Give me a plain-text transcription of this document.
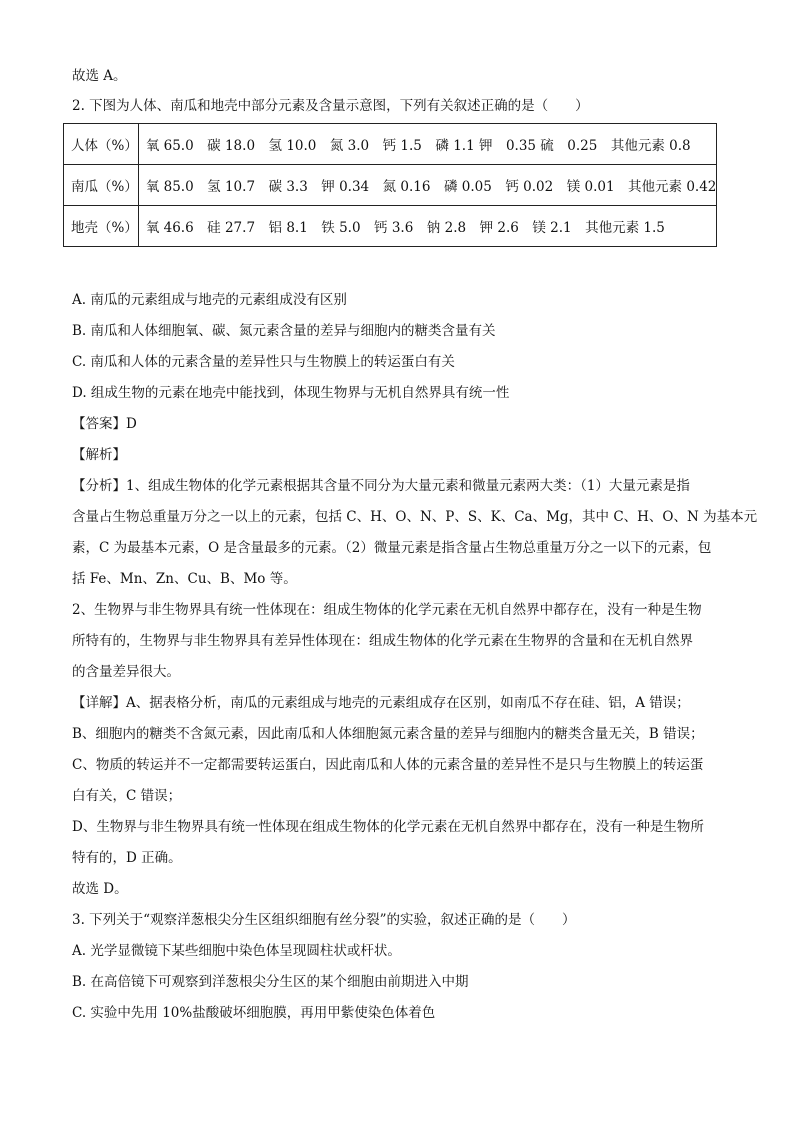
故选 A。
2. 下图为人体、南瓜和地壳中部分元素及含量示意图，下列有关叙述正确的是（　　）
人体（%）	氧 65.0　碳 18.0　氢 10.0　氮 3.0　钙 1.5　磷 1.1 钾　0.35 硫　0.25　其他元素 0.8
南瓜（%）	氧 85.0　氢 10.7　碳 3.3　钾 0.34　氮 0.16　磷 0.05　钙 0.02　镁 0.01　其他元素 0.42
地壳（%）	氧 46.6　硅 27.7　铝 8.1　铁 5.0　钙 3.6　钠 2.8　钾 2.6　镁 2.1　其他元素 1.5
A. 南瓜的元素组成与地壳的元素组成没有区别
B. 南瓜和人体细胞氧、碳、氮元素含量的差异与细胞内的糖类含量有关
C. 南瓜和人体的元素含量的差异性只与生物膜上的转运蛋白有关
D. 组成生物的元素在地壳中能找到，体现生物界与无机自然界具有统一性
【答案】D
【解析】
【分析】1、组成生物体的化学元素根据其含量不同分为大量元素和微量元素两大类：（1）大量元素是指
含量占生物总重量万分之一以上的元素，包括 C、H、O、N、P、S、K、Ca、Mg，其中 C、H、O、N 为基本元
素，C 为最基本元素，O 是含量最多的元素。（2）微量元素是指含量占生物总重量万分之一以下的元素，包
括 Fe、Mn、Zn、Cu、B、Mo 等。
2、生物界与非生物界具有统一性体现在：组成生物体的化学元素在无机自然界中都存在，没有一种是生物
所特有的，生物界与非生物界具有差异性体现在：组成生物体的化学元素在生物界的含量和在无机自然界
的含量差异很大。
【详解】A、据表格分析，南瓜的元素组成与地壳的元素组成存在区别，如南瓜不存在硅、铝，A 错误；
B、细胞内的糖类不含氮元素，因此南瓜和人体细胞氮元素含量的差异与细胞内的糖类含量无关，B 错误；
C、物质的转运并不一定都需要转运蛋白，因此南瓜和人体的元素含量的差异性不是只与生物膜上的转运蛋
白有关，C 错误；
D、生物界与非生物界具有统一性体现在组成生物体的化学元素在无机自然界中都存在，没有一种是生物所
特有的，D 正确。
故选 D。
3. 下列关于“观察洋葱根尖分生区组织细胞有丝分裂”的实验，叙述正确的是（　　）
A. 光学显微镜下某些细胞中染色体呈现圆柱状或杆状。
B. 在高倍镜下可观察到洋葱根尖分生区的某个细胞由前期进入中期
C. 实验中先用 10%盐酸破坏细胞膜，再用甲紫使染色体着色
